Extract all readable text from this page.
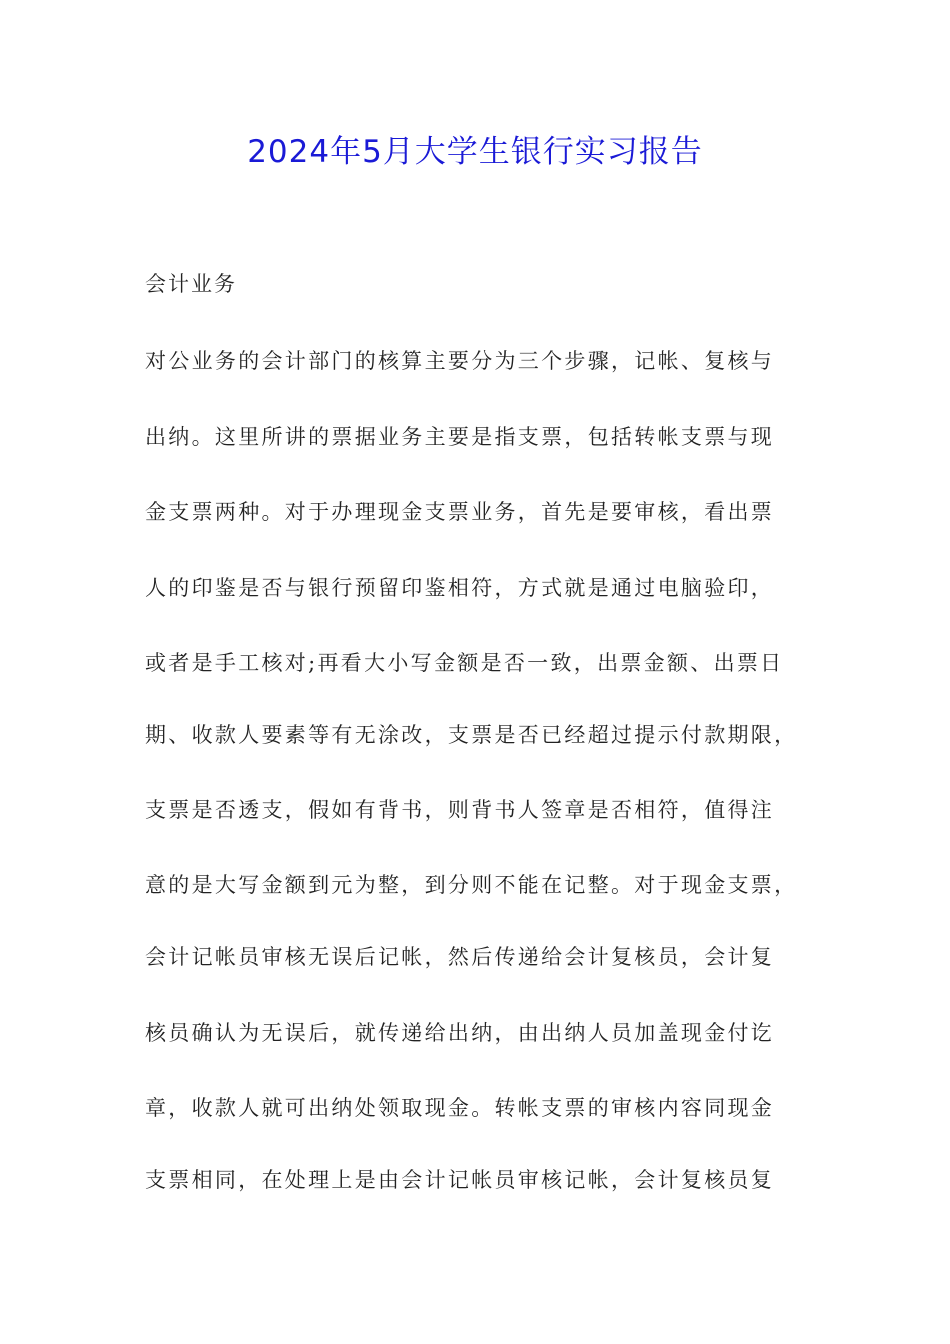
2024年5月大学生银行实习报告

会计业务

对公业务的会计部门的核算主要分为三个步骤，记帐、复核与

出纳。这里所讲的票据业务主要是指支票，包括转帐支票与现

金支票两种。对于办理现金支票业务，首先是要审核，看出票

人的印鉴是否与银行预留印鉴相符，方式就是通过电脑验印，

或者是手工核对;再看大小写金额是否一致，出票金额、出票日

期、收款人要素等有无涂改，支票是否已经超过提示付款期限，

支票是否透支，假如有背书，则背书人签章是否相符，值得注

意的是大写金额到元为整，到分则不能在记整。对于现金支票，

会计记帐员审核无误后记帐，然后传递给会计复核员，会计复

核员确认为无误后，就传递给出纳，由出纳人员加盖现金付讫

章，收款人就可出纳处领取现金。转帐支票的审核内容同现金

支票相同，在处理上是由会计记帐员审核记帐，会计复核员复
